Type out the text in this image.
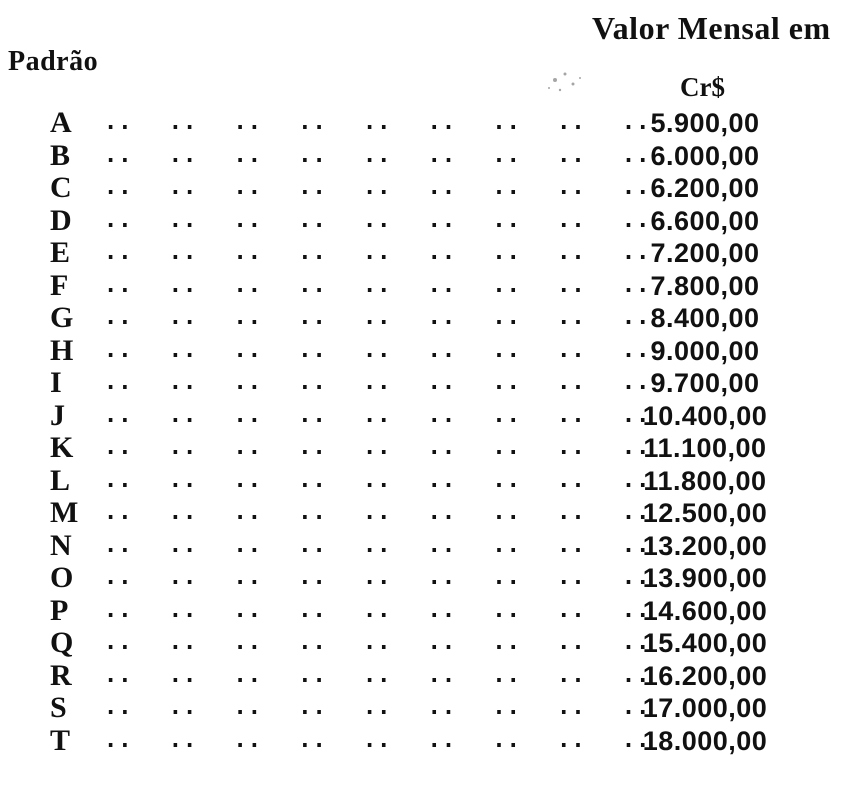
Valor Mensal em
Padrão
Cr$
A .. .. .. .. .. .. .. .. .. 5.900,00
B .. .. .. .. .. .. .. .. .. 6.000,00
C .. .. .. .. .. .. .. .. .. 6.200,00
D .. .. .. .. .. .. .. .. .. 6.600,00
E .. .. .. .. .. .. .. .. .. 7.200,00
F .. .. .. .. .. .. .. .. .. 7.800,00
G .. .. .. .. .. .. .. .. .. 8.400,00
H .. .. .. .. .. .. .. .. .. 9.000,00
I .. .. .. .. .. .. .. .. .. 9.700,00
J .. .. .. .. .. .. .. .. ..
10.400,00
K .. .. .. .. .. .. .. .. ..
11.100,00
L .. .. .. .. .. .. .. .. ..
11.800,00
M .. .. .. .. .. .. .. .. ..
12.500,00
N .. .. .. .. .. .. .. .. ..
13.200,00
O .. .. .. .. .. .. .. .. ..
13.900,00
P .. .. .. .. .. .. .. .. ..
14.600,00
Q .. .. .. .. .. .. .. .. ..
15.400,00
R .. .. .. .. .. .. .. .. ..
16.200,00
S .. .. .. .. .. .. .. .. ..
17.000,00
T .. .. .. .. .. .. .. .. ..
18.000,00
